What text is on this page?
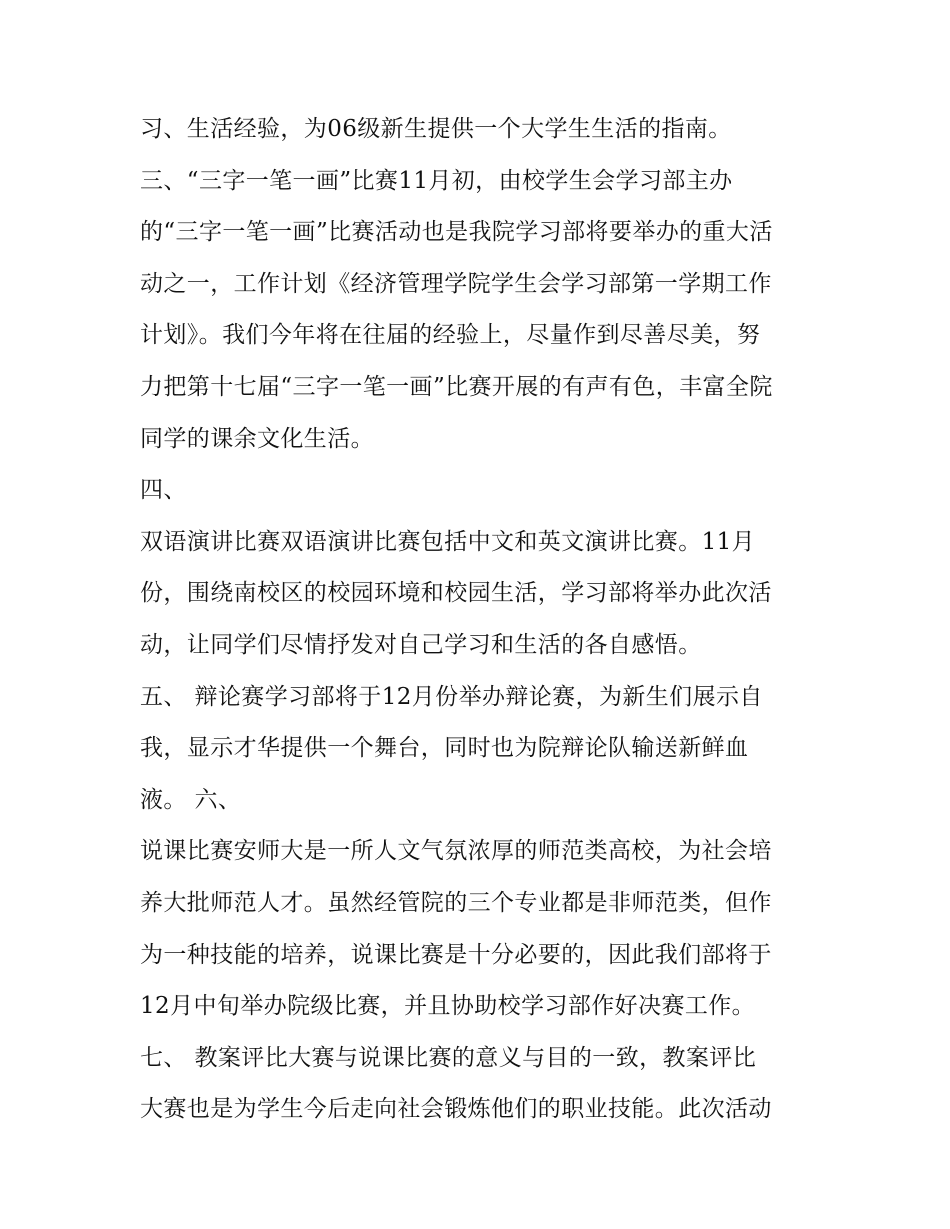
习、生活经验，为06级新生提供一个大学生生活的指南。
三、“三字一笔一画”比赛11月初，由校学生会学习部主办
的“三字一笔一画”比赛活动也是我院学习部将要举办的重大活
动之一，工作计划《经济管理学院学生会学习部第一学期工作
计划》。我们今年将在往届的经验上，尽量作到尽善尽美，努
力把第十七届“三字一笔一画”比赛开展的有声有色，丰富全院
同学的课余文化生活。
四、
双语演讲比赛双语演讲比赛包括中文和英文演讲比赛。11月
份，围绕南校区的校园环境和校园生活，学习部将举办此次活
动，让同学们尽情抒发对自己学习和生活的各自感悟。
五、 辩论赛学习部将于12月份举办辩论赛，为新生们展示自
我，显示才华提供一个舞台，同时也为院辩论队输送新鲜血
液。 六、
说课比赛安师大是一所人文气氛浓厚的师范类高校，为社会培
养大批师范人才。虽然经管院的三个专业都是非师范类，但作
为一种技能的培养，说课比赛是十分必要的，因此我们部将于
12月中旬举办院级比赛，并且协助校学习部作好决赛工作。
七、 教案评比大赛与说课比赛的意义与目的一致，教案评比
大赛也是为学生今后走向社会锻炼他们的职业技能。此次活动
